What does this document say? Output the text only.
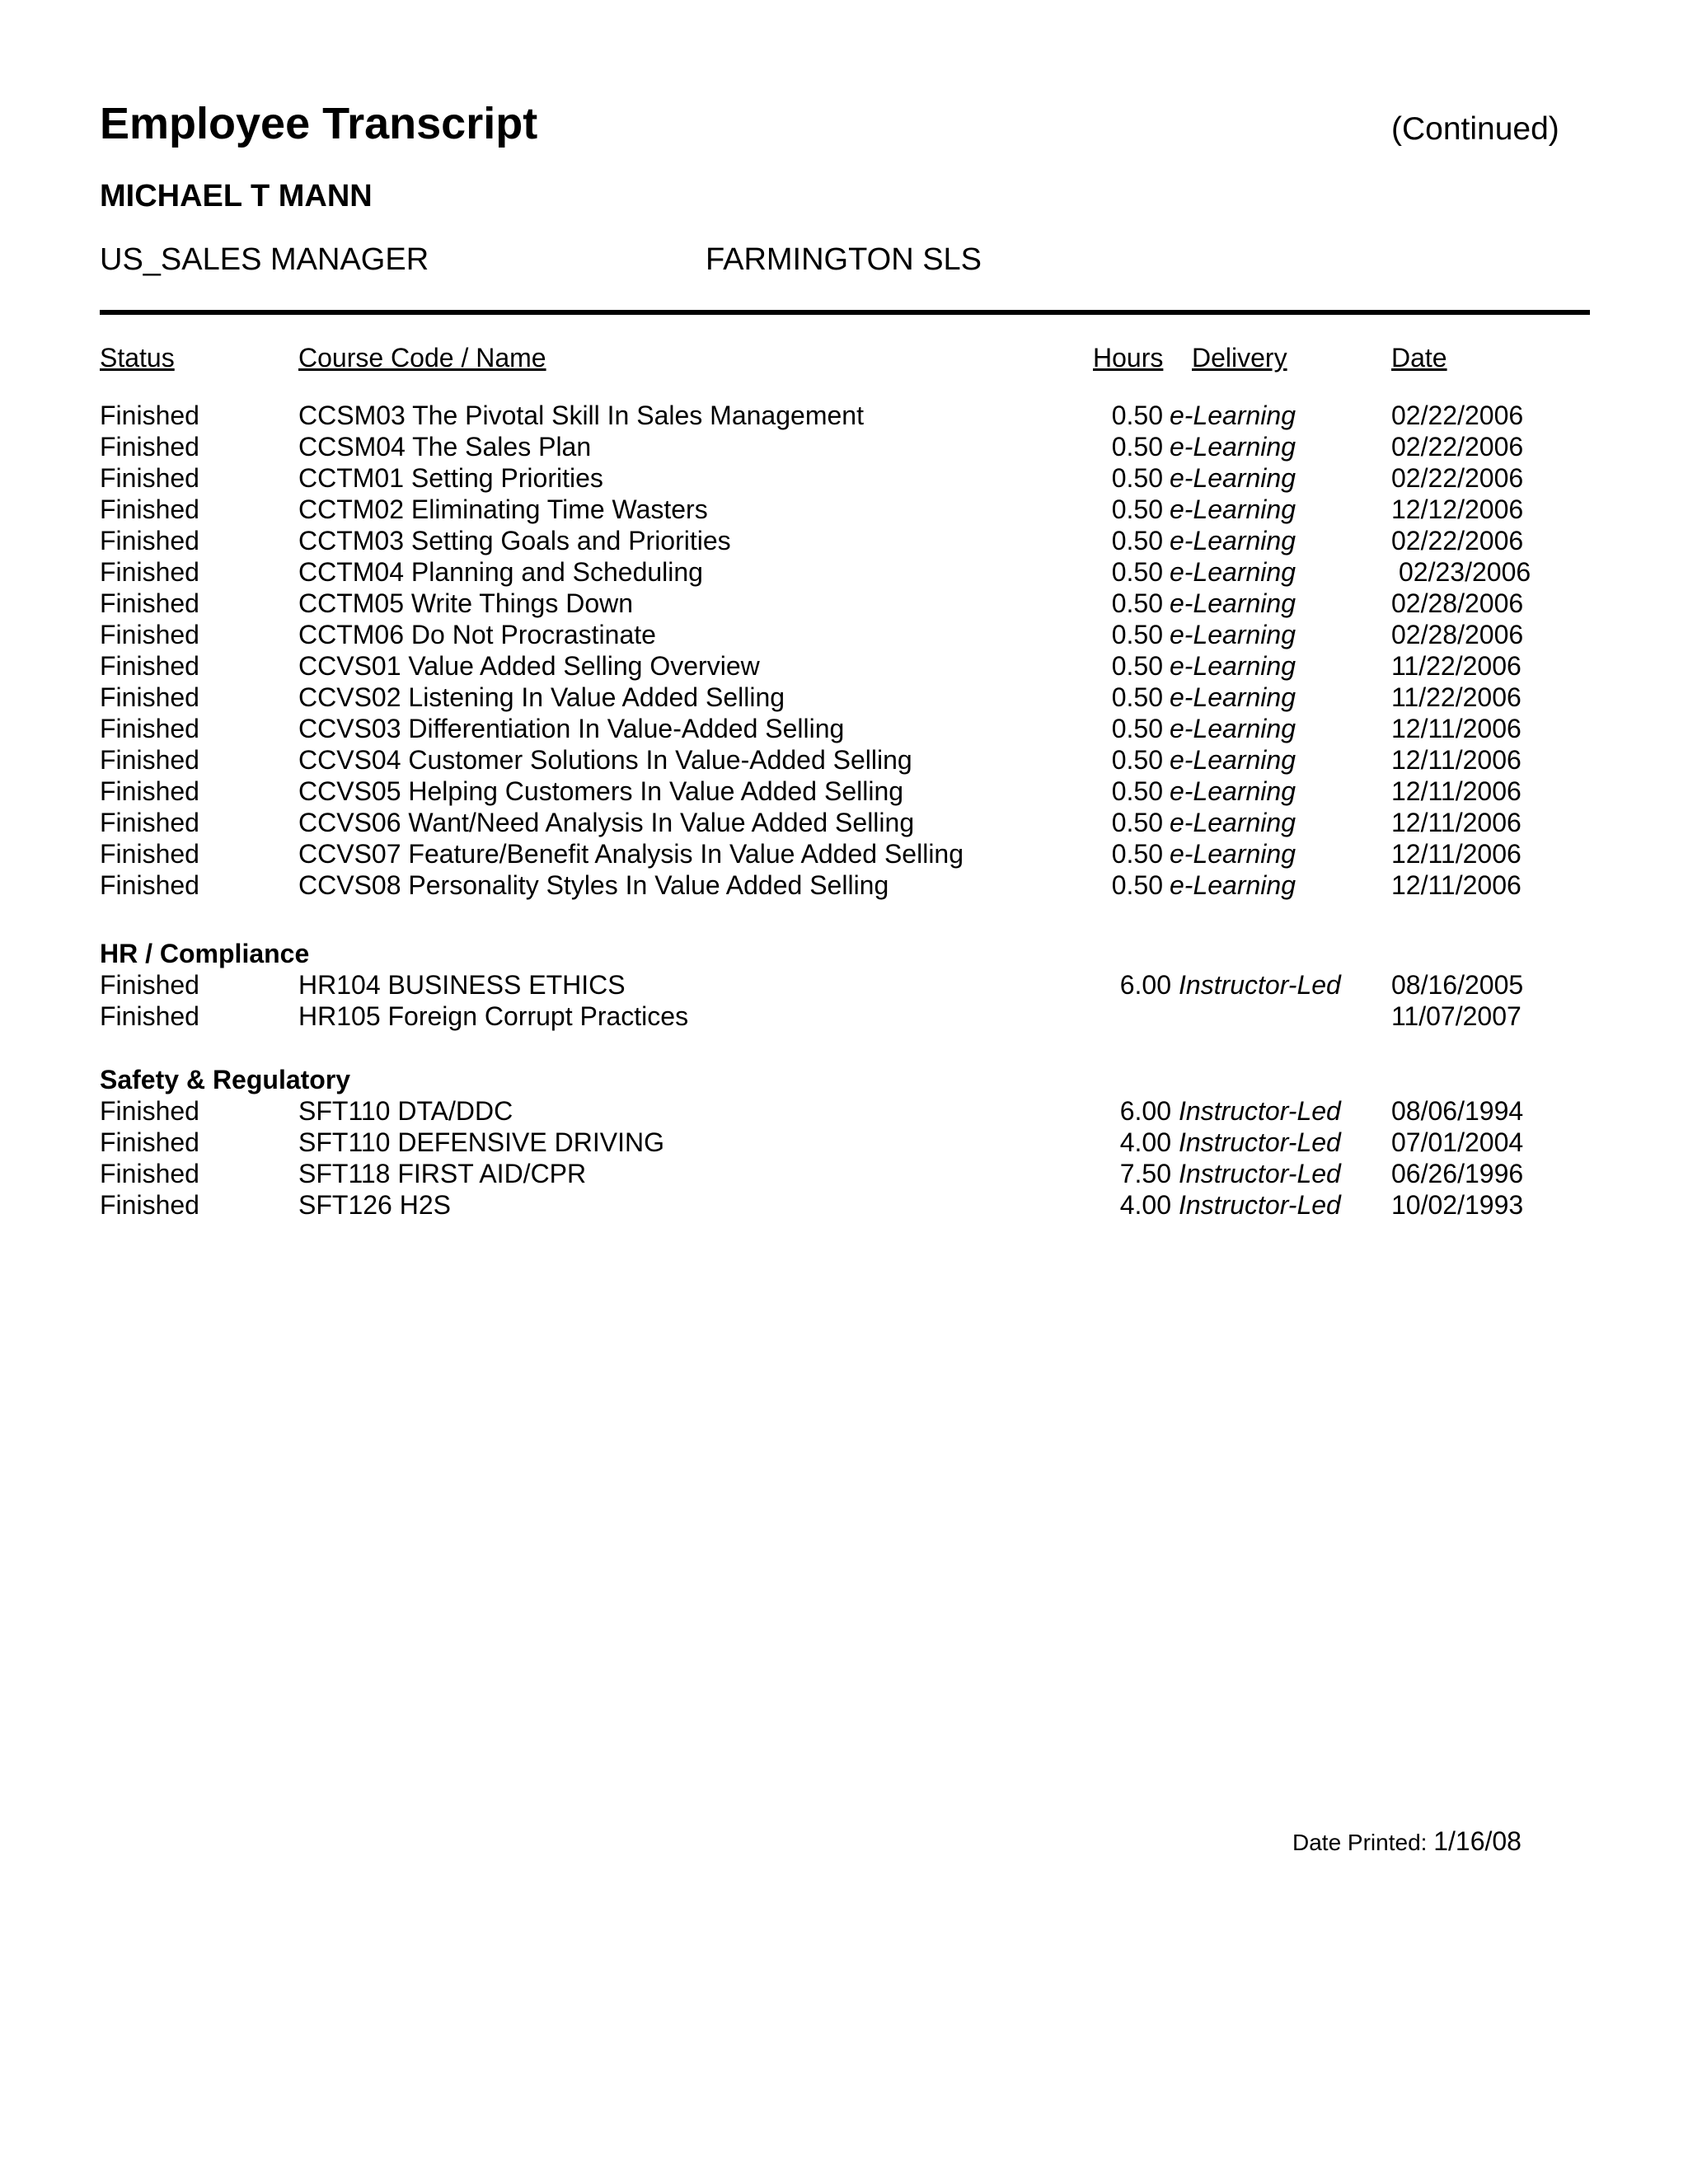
Employee Transcript	(Continued)
MICHAEL T MANN
US_SALES MANAGER	FARMINGTON SLS
Status	Course Code / Name	Hours Delivery	Date
Finished	CCSM03 The Pivotal Skill In Sales Management	0.50 e-Learning	02/22/2006
Finished	CCSM04 The Sales Plan	0.50 e-Learning	02/22/2006
Finished	CCTM01 Setting Priorities	0.50 e-Learning	02/22/2006
Finished	CCTM02 Eliminating Time Wasters	0.50 e-Learning	12/12/2006
Finished	CCTM03 Setting Goals and Priorities	0.50 e-Learning	02/22/2006
Finished	CCTM04 Planning and Scheduling	0.50 e-Learning	02/23/2006
Finished	CCTM05 Write Things Down	0.50 e-Learning	02/28/2006
Finished	CCTM06 Do Not Procrastinate	0.50 e-Learning	02/28/2006
Finished	CCVS01 Value Added Selling Overview	0.50 e-Learning	11/22/2006
Finished	CCVS02 Listening In Value Added Selling	0.50 e-Learning	11/22/2006
Finished	CCVS03 Differentiation In Value-Added Selling	0.50 e-Learning	12/11/2006
Finished	CCVS04 Customer Solutions In Value-Added Selling	0.50 e-Learning	12/11/2006
Finished	CCVS05 Helping Customers In Value Added Selling	0.50 e-Learning	12/11/2006
Finished	CCVS06 Want/Need Analysis In Value Added Selling	0.50 e-Learning	12/11/2006
Finished	CCVS07 Feature/Benefit Analysis In Value Added Selling	0.50 e-Learning	12/11/2006
Finished	CCVS08 Personality Styles In Value Added Selling	0.50 e-Learning	12/11/2006
HR / Compliance
Finished	HR104 BUSINESS ETHICS	6.00 Instructor-Led 08/16/2005
Finished	HR105 Foreign Corrupt Practices	11/07/2007
Safety & Regulatory
Finished	SFT110 DTA/DDC	6.00 Instructor-Led 08/06/1994
Finished	SFT110 DEFENSIVE DRIVING	4.00 Instructor-Led 07/01/2004
Finished	SFT118 FIRST AID/CPR	7.50 Instructor-Led 06/26/1996
Finished	SFT126 H2S	4.00 Instructor-Led 10/02/1993
Date Printed: 1/16/08
